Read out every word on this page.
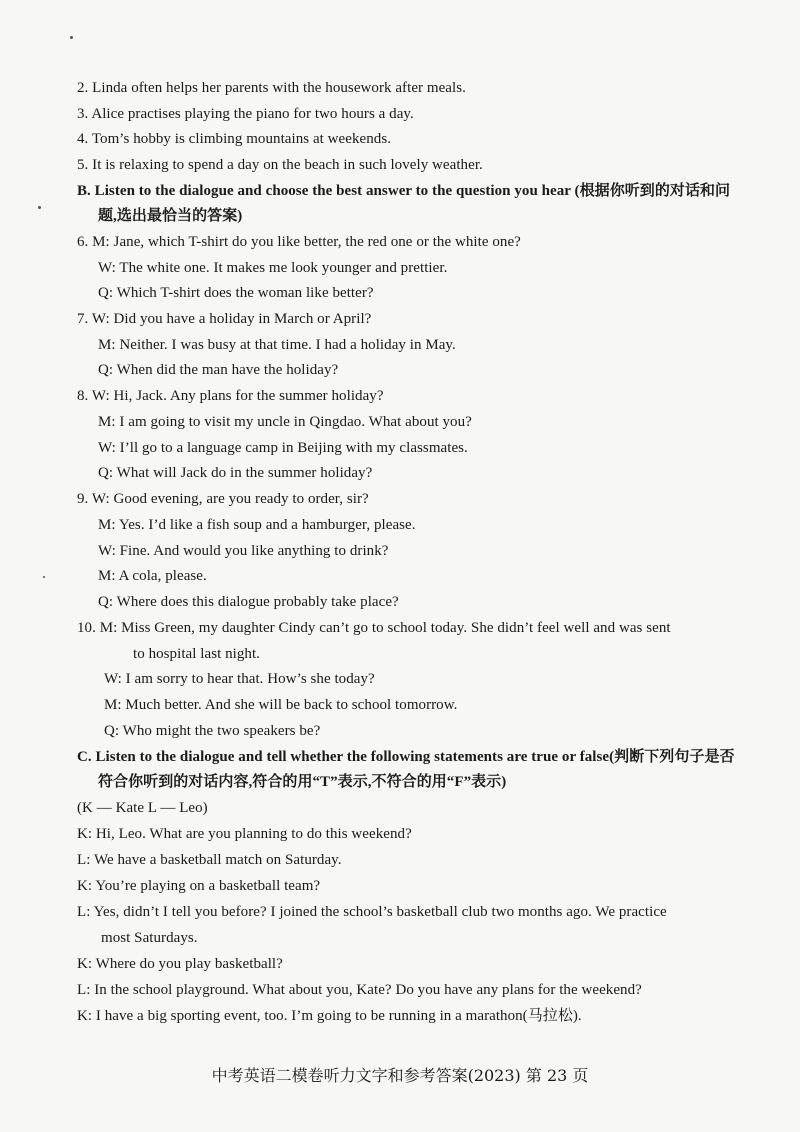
2. Linda often helps her parents with the housework after meals.
3. Alice practises playing the piano for two hours a day.
4. Tom’s hobby is climbing mountains at weekends.
5. It is relaxing to spend a day on the beach in such lovely weather.
B. Listen to the dialogue and choose the best answer to the question you hear (根据你听到的对话和问
题,选出最恰当的答案)
6. M: Jane, which T-shirt do you like better, the red one or the white one?
W: The white one. It makes me look younger and prettier.
Q: Which T-shirt does the woman like better?
7. W: Did you have a holiday in March or April?
M: Neither. I was busy at that time. I had a holiday in May.
Q: When did the man have the holiday?
8. W: Hi, Jack. Any plans for the summer holiday?
M: I am going to visit my uncle in Qingdao. What about you?
W: I’ll go to a language camp in Beijing with my classmates.
Q: What will Jack do in the summer holiday?
9. W: Good evening, are you ready to order, sir?
M: Yes. I’d like a fish soup and a hamburger, please.
W: Fine. And would you like anything to drink?
M: A cola, please.
Q: Where does this dialogue probably take place?
10. M: Miss Green, my daughter Cindy can’t go to school today. She didn’t feel well and was sent
to hospital last night.
W: I am sorry to hear that. How’s she today?
M: Much better. And she will be back to school tomorrow.
Q: Who might the two speakers be?
C. Listen to the dialogue and tell whether the following statements are true or false(判断下列句子是否
符合你听到的对话内容,符合的用“T”表示,不符合的用“F”表示)
(K — Kate L — Leo)
K: Hi, Leo. What are you planning to do this weekend?
L: We have a basketball match on Saturday.
K: You’re playing on a basketball team?
L: Yes, didn’t I tell you before? I joined the school’s basketball club two months ago. We practice
most Saturdays.
K: Where do you play basketball?
L: In the school playground. What about you, Kate? Do you have any plans for the weekend?
K: I have a big sporting event, too. I’m going to be running in a marathon(马拉松).
中考英语二模卷听力文字和参考答案(2023) 第 23 页
